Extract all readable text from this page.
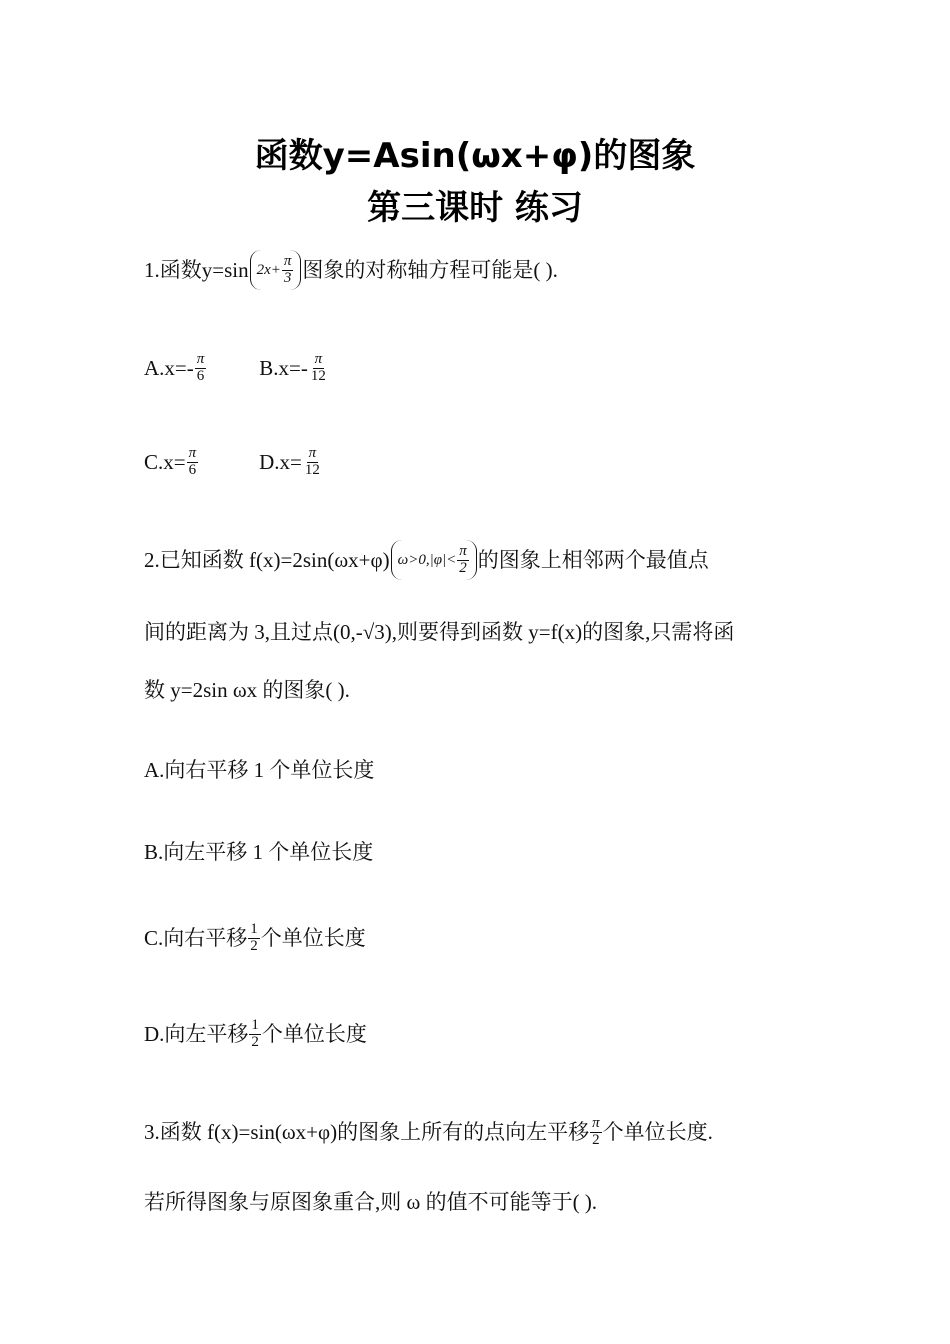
函数y=Asin(ωx+φ)的图象
第三课时 练习
1.函数y=sin $2x+ \frac{\pi}{3}$ 图象的对称轴方程可能是( ).
$A.x=- \frac{\pi}{6}$	$B.x=- \frac{\pi}{12}$
$C.x= \frac{\pi}{6}$	$D.x= \frac{\pi}{12}$
2.已知函数 f(x)=2sin(ωx+φ) $\omega>0,|\varphi|< \frac{\pi}{2}$ 的图象上相邻两个最值点
间的距离为 3,且过点(0,-√3),则要得到函数 y=f(x)的图象,只需将函
数 y=2sin ωx 的图象( ).
A.向右平移 1 个单位长度
B.向左平移 1 个单位长度
C.向右平移 $\frac{1}{2}$ 个单位长度
D.向左平移 $\frac{1}{2}$ 个单位长度
3.函数 f(x)=sin(ωx+φ)的图象上所有的点向左平移 $\frac{\pi}{2}$ 个单位长度.
若所得图象与原图象重合,则 ω 的值不可能等于( ).
